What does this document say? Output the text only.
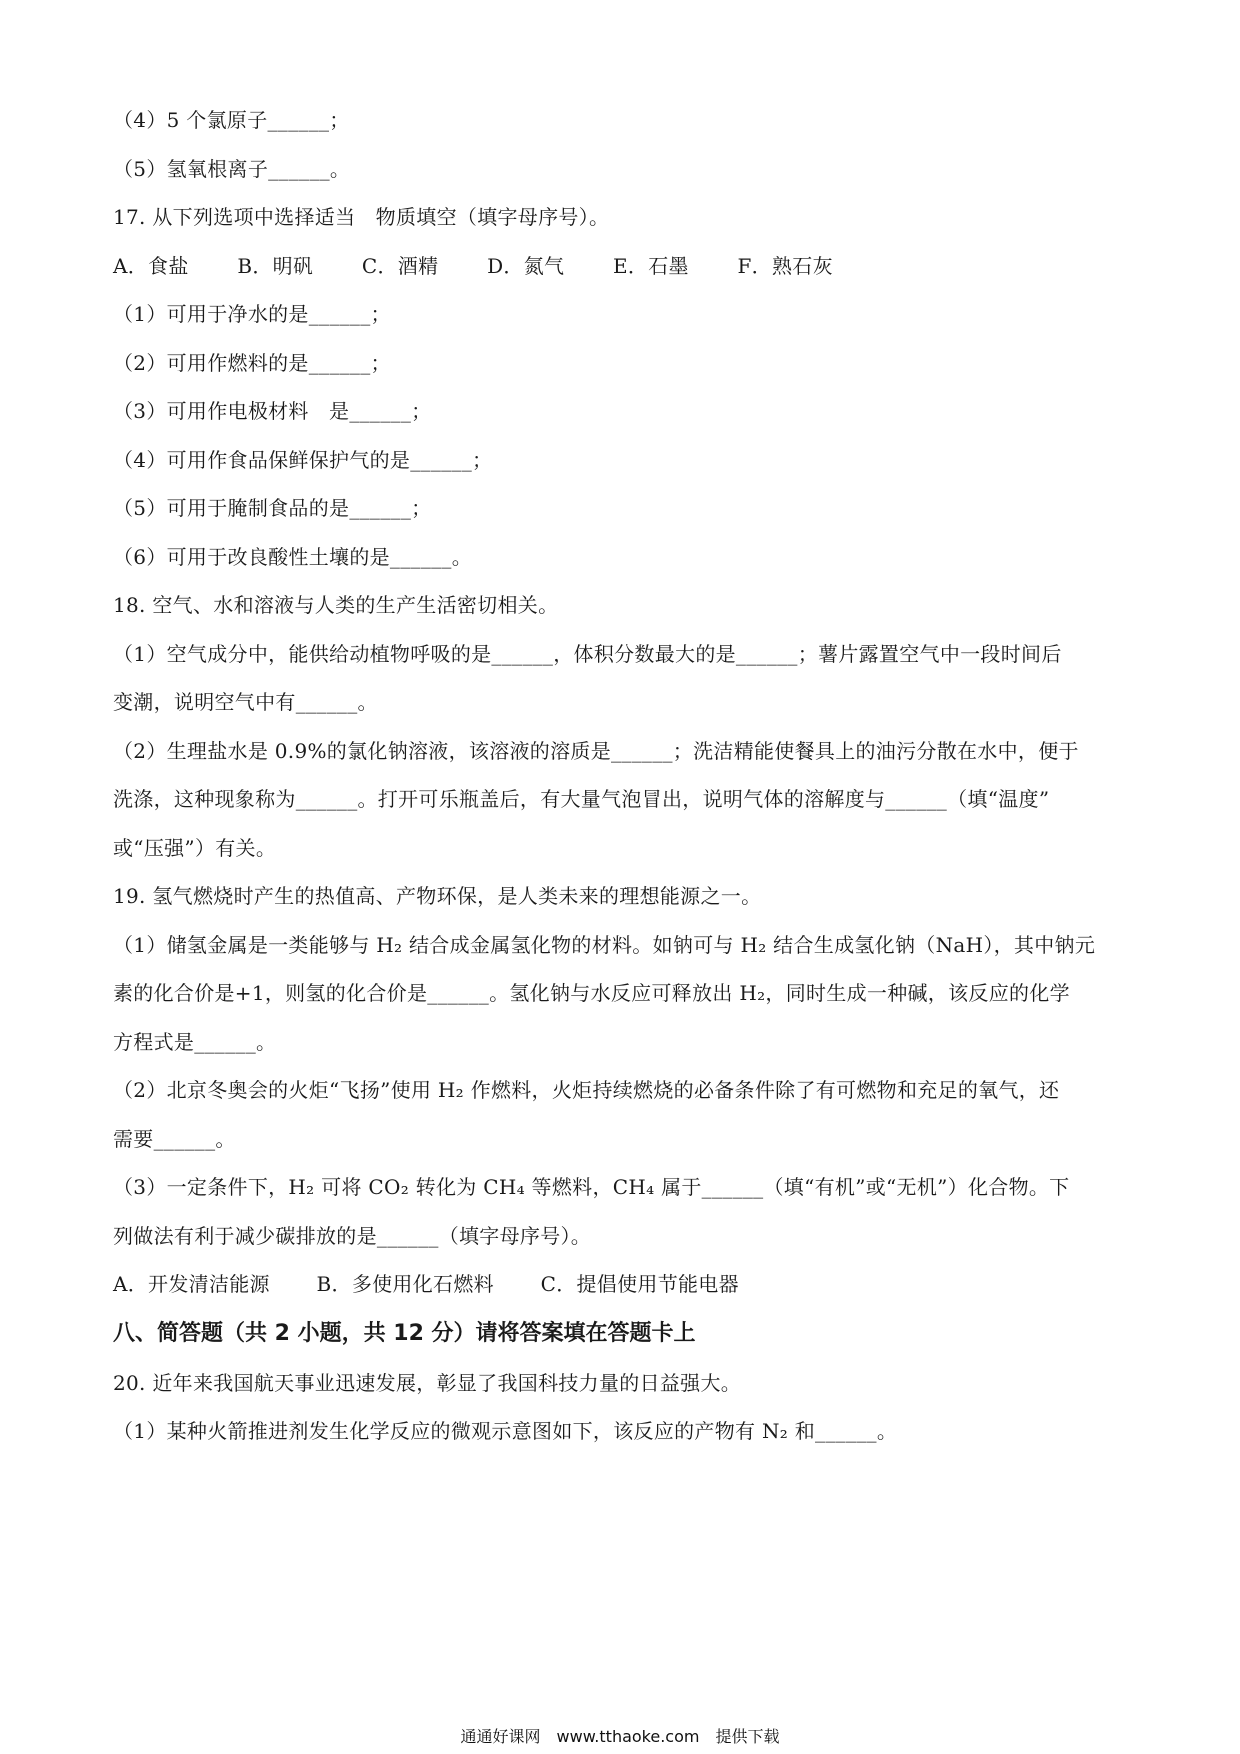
（4）5 个氯原子______；
（5）氢氧根离子______。
17. 从下列选项中选择适当　物质填空（填字母序号）。
A．食盐 B．明矾 C．酒精 D．氮气 E．石墨 F．熟石灰
（1）可用于净水的是______；
（2）可用作燃料的是______；
（3）可用作电极材料　是______；
（4）可用作食品保鲜保护气的是______；
（5）可用于腌制食品的是______；
（6）可用于改良酸性土壤的是______。
18. 空气、水和溶液与人类的生产生活密切相关。
（1）空气成分中，能供给动植物呼吸的是______，体积分数最大的是______；薯片露置空气中一段时间后
变潮，说明空气中有______。
（2）生理盐水是 0.9%的氯化钠溶液，该溶液的溶质是______；洗洁精能使餐具上的油污分散在水中，便于
洗涤，这种现象称为______。打开可乐瓶盖后，有大量气泡冒出，说明气体的溶解度与______（填“温度”
或“压强”）有关。
19. 氢气燃烧时产生的热值高、产物环保，是人类未来的理想能源之一。
（1）储氢金属是一类能够与 H₂ 结合成金属氢化物的材料。如钠可与 H₂ 结合生成氢化钠（NaH），其中钠元
素的化合价是+1，则氢的化合价是______。氢化钠与水反应可释放出 H₂，同时生成一种碱，该反应的化学
方程式是______。
（2）北京冬奥会的火炬“飞扬”使用 H₂ 作燃料，火炬持续燃烧的必备条件除了有可燃物和充足的氧气，还
需要______。
（3）一定条件下，H₂ 可将 CO₂ 转化为 CH₄ 等燃料，CH₄ 属于______（填“有机”或“无机”）化合物。下
列做法有利于减少碳排放的是______（填字母序号）。
A．开发清洁能源 B．多使用化石燃料 C．提倡使用节能电器
八、简答题（共 2 小题，共 12 分）请将答案填在答题卡上
20. 近年来我国航天事业迅速发展，彰显了我国科技力量的日益强大。
（1）某种火箭推进剂发生化学反应的微观示意图如下，该反应的产物有 N₂ 和______。
通通好课网　www.tthaoke.com　提供下载
